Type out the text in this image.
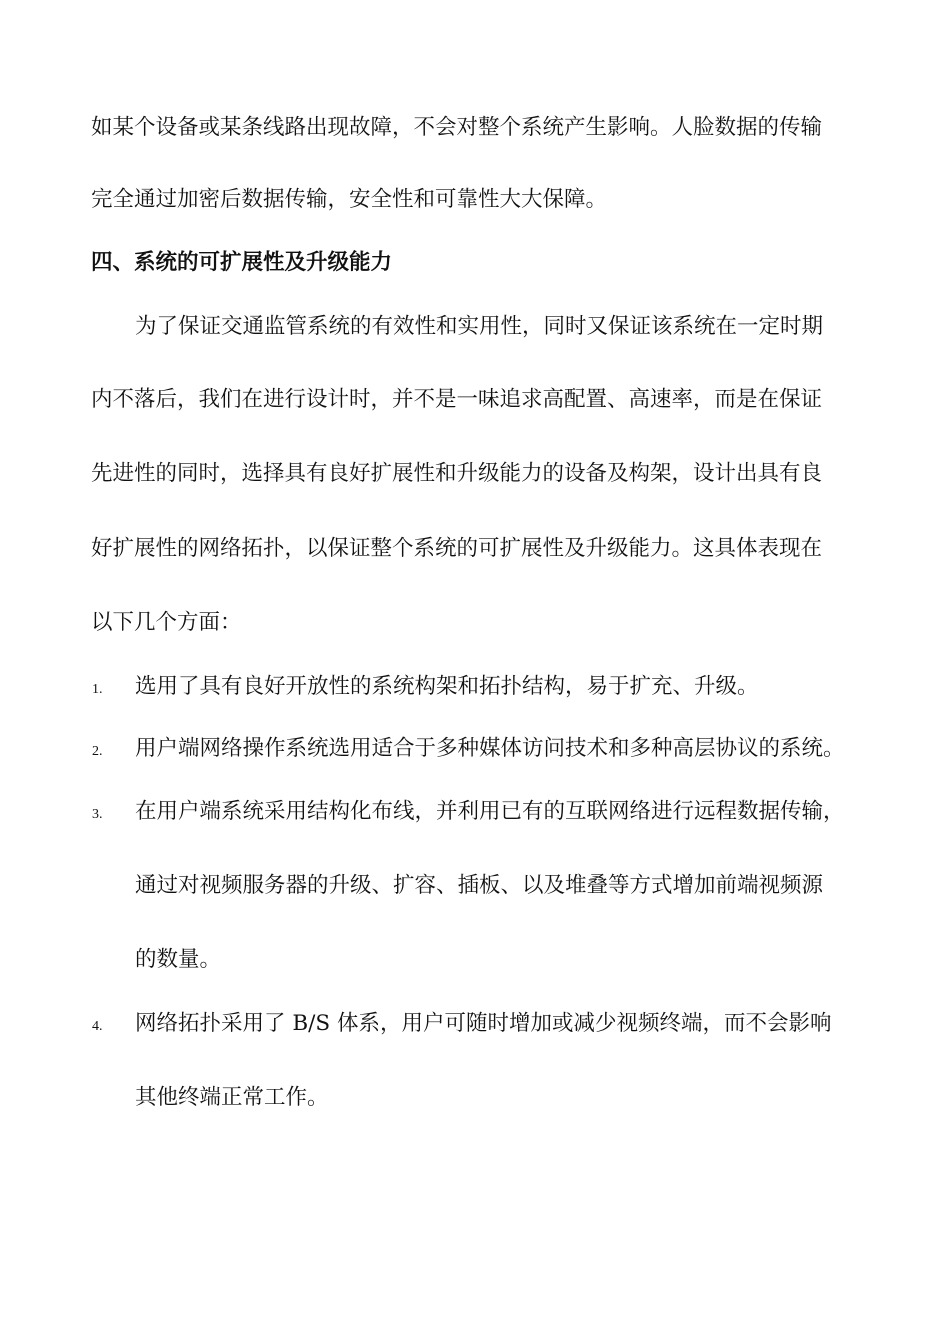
如某个设备或某条线路出现故障，不会对整个系统产生影响。人脸数据的传输
完全通过加密后数据传输，安全性和可靠性大大保障。
四、系统的可扩展性及升级能力
为了保证交通监管系统的有效性和实用性，同时又保证该系统在一定时期
内不落后，我们在进行设计时，并不是一味追求高配置、高速率，而是在保证
先进性的同时，选择具有良好扩展性和升级能力的设备及构架，设计出具有良
好扩展性的网络拓扑，以保证整个系统的可扩展性及升级能力。这具体表现在
以下几个方面：
1. 选用了具有良好开放性的系统构架和拓扑结构，易于扩充、升级。
2. 用户端网络操作系统选用适合于多种媒体访问技术和多种高层协议的系统。
3. 在用户端系统采用结构化布线，并利用已有的互联网络进行远程数据传输，
通过对视频服务器的升级、扩容、插板、以及堆叠等方式增加前端视频源
的数量。
4. 网络拓扑采用了 B/S 体系，用户可随时增加或减少视频终端，而不会影响
其他终端正常工作。
